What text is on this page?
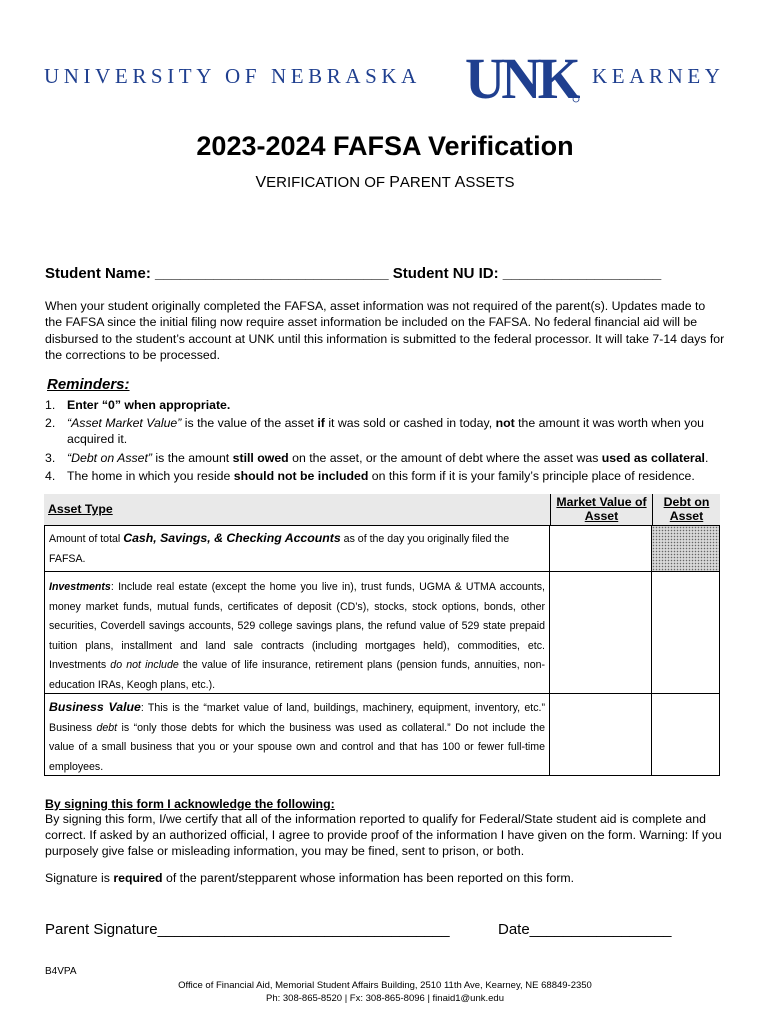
UNIVERSITY OF NEBRASKA UNK KEARNEY
2023-2024 FAFSA Verification
VERIFICATION OF PARENT ASSETS
Student Name: ____________________________ Student NU ID: ___________________
When your student originally completed the FAFSA, asset information was not required of the parent(s). Updates made to the FAFSA since the initial filing now require asset information be included on the FAFSA. No federal financial aid will be disbursed to the student’s account at UNK until this information is submitted to the federal processor. It will take 7-14 days for the corrections to be processed.
Reminders:
1. Enter “0” when appropriate.
2. “Asset Market Value” is the value of the asset if it was sold or cashed in today, not the amount it was worth when you acquired it.
3. “Debt on Asset” is the amount still owed on the asset, or the amount of debt where the asset was used as collateral.
4. The home in which you reside should not be included on this form if it is your family’s principle place of residence.
Asset Type	Market Value of Asset
Debt on Asset
Amount of total Cash, Savings, & Checking Accounts as of the day you originally filed the FAFSA.
Investments: Include real estate (except the home you live in), trust funds, UGMA & UTMA accounts, money market funds, mutual funds, certificates of deposit (CD’s), stocks, stock options, bonds, other securities, Coverdell savings accounts, 529 college savings plans, the refund value of 529 state prepaid tuition plans, installment and land sale contracts (including mortgages held), commodities, etc. Investments do not include the value of life insurance, retirement plans (pension funds, annuities, non-education IRAs, Keogh plans, etc.).
Business Value: This is the “market value of land, buildings, machinery, equipment, inventory, etc.” Business debt is “only those debts for which the business was used as collateral.” Do not include the value of a small business that you or your spouse own and control and that has 100 or fewer full-time employees.
By signing this form I acknowledge the following:
By signing this form, I/we certify that all of the information reported to qualify for Federal/State student aid is complete and correct. If asked by an authorized official, I agree to provide proof of the information I have given on the form. Warning: If you purposely give false or misleading information, you may be fined, sent to prison, or both.
Signature is required of the parent/stepparent whose information has been reported on this form.
Parent Signature___________________________________	Date_________________
B4VPA
Office of Financial Aid, Memorial Student Affairs Building, 2510 11th Ave, Kearney, NE 68849-2350
Ph: 308-865-8520 | Fx: 308-865-8096 | finaid1@unk.edu
